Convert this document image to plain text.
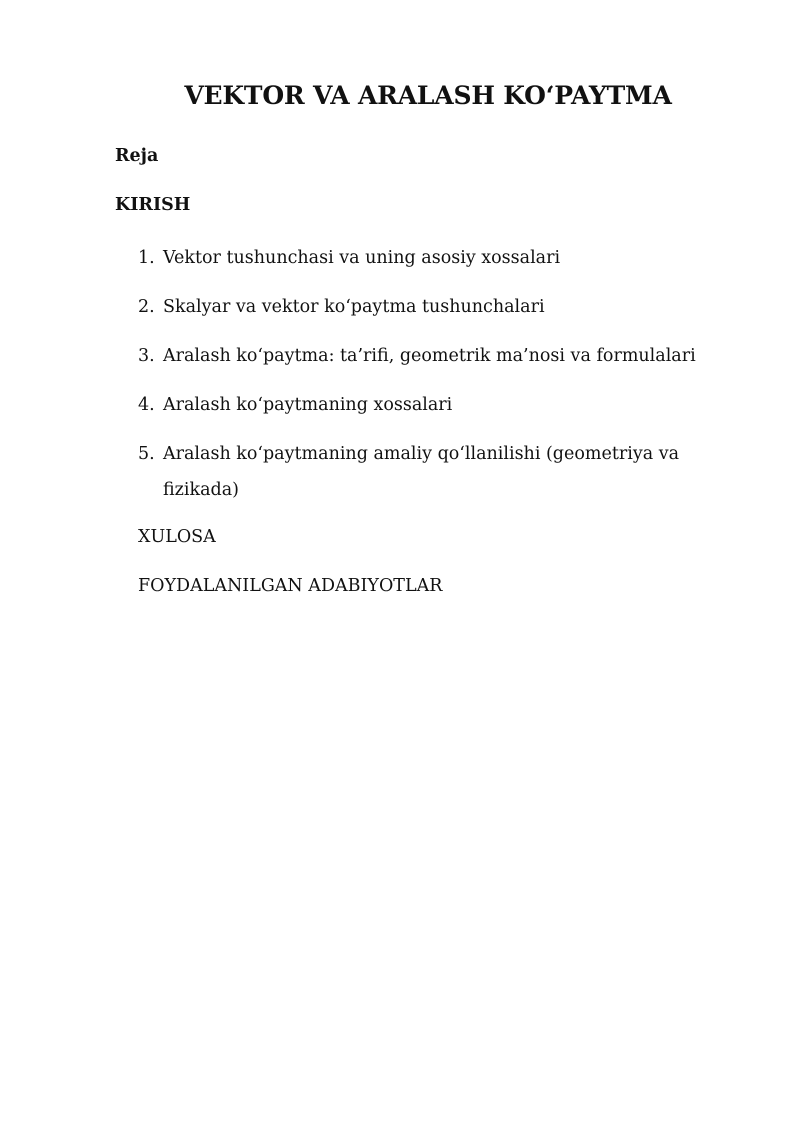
VEKTOR VA ARALASH KO‘PAYTMA
Reja
KIRISH
1. Vektor tushunchasi va uning asosiy xossalari
2. Skalyar va vektor ko‘paytma tushunchalari
3. Aralash ko‘paytma: ta’rifi, geometrik ma’nosi va formulalari
4. Aralash ko‘paytmaning xossalari
5. Aralash ko‘paytmaning amaliy qo‘llanilishi (geometriya va fizikada)
XULOSA
FOYDALANILGAN ADABIYOTLAR
